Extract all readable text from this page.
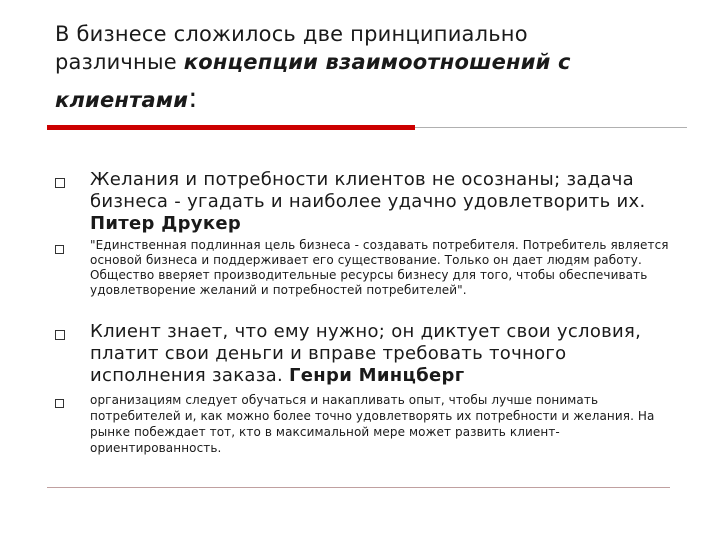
В бизнесе сложилось две принципиально
различные концепции взаимоотношений с
клиентами:
Желания и потребности клиентов не осознаны; задача бизнеса - угадать и наиболее удачно удовлетворить их. Питер Друкер
"Единственная подлинная цель бизнеса - создавать потребителя. Потребитель является основой бизнеса и поддерживает его существование. Только он дает людям работу. Общество вверяет производительные ресурсы бизнесу для того, чтобы обеспечивать удовлетворение желаний и потребностей потребителей".
Клиент знает, что ему нужно; он диктует свои условия, платит свои деньги и вправе требовать точного исполнения заказа. Генри Минцберг
организациям следует обучаться и накапливать опыт, чтобы лучше понимать потребителей и, как можно более точно удовлетворять их потребности и желания. На рынке побеждает тот, кто в максимальной мере может развить клиент-ориентированность.
